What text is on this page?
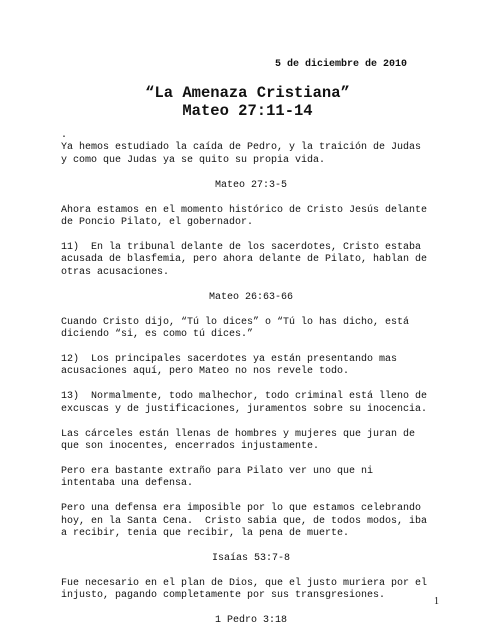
5 de diciembre de 2010
“La Amenaza Cristiana”
Mateo 27:11-14

.

Ya hemos estudiado la caída de Pedro, y la traición de Judas

y como que Judas ya se quito su propia vida.

Mateo 27:3-5

Ahora estamos en el momento histórico de Cristo Jesús delante

de Poncio Pilato, el gobernador.

11)  En la tribunal delante de los sacerdotes, Cristo estaba

acusada de blasfemia, pero ahora delante de Pilato, hablan de

otras acusaciones.

Mateo 26:63-66

Cuando Cristo dijo, “Tú lo dices” o “Tú lo has dicho, está

diciendo “si, es como tú dices.”

12)  Los principales sacerdotes ya están presentando mas

acusaciones aquí, pero Mateo no nos revele todo.

13)  Normalmente, todo malhechor, todo criminal está lleno de

excuscas y de justificaciones, juramentos sobre su inocencia.

Las cárceles están llenas de hombres y mujeres que juran de

que son inocentes, encerrados injustamente.

Pero era bastante extraño para Pilato ver uno que ni

intentaba una defensa.

Pero una defensa era imposible por lo que estamos celebrando

hoy, en la Santa Cena.  Cristo sabia que, de todos modos, iba

a recibir, tenia que recibir, la pena de muerte.

Isaías 53:7-8

Fue necesario en el plan de Dios, que el justo muriera por el

injusto, pagando completamente por sus transgresiones.

1 Pedro 3:18

1
